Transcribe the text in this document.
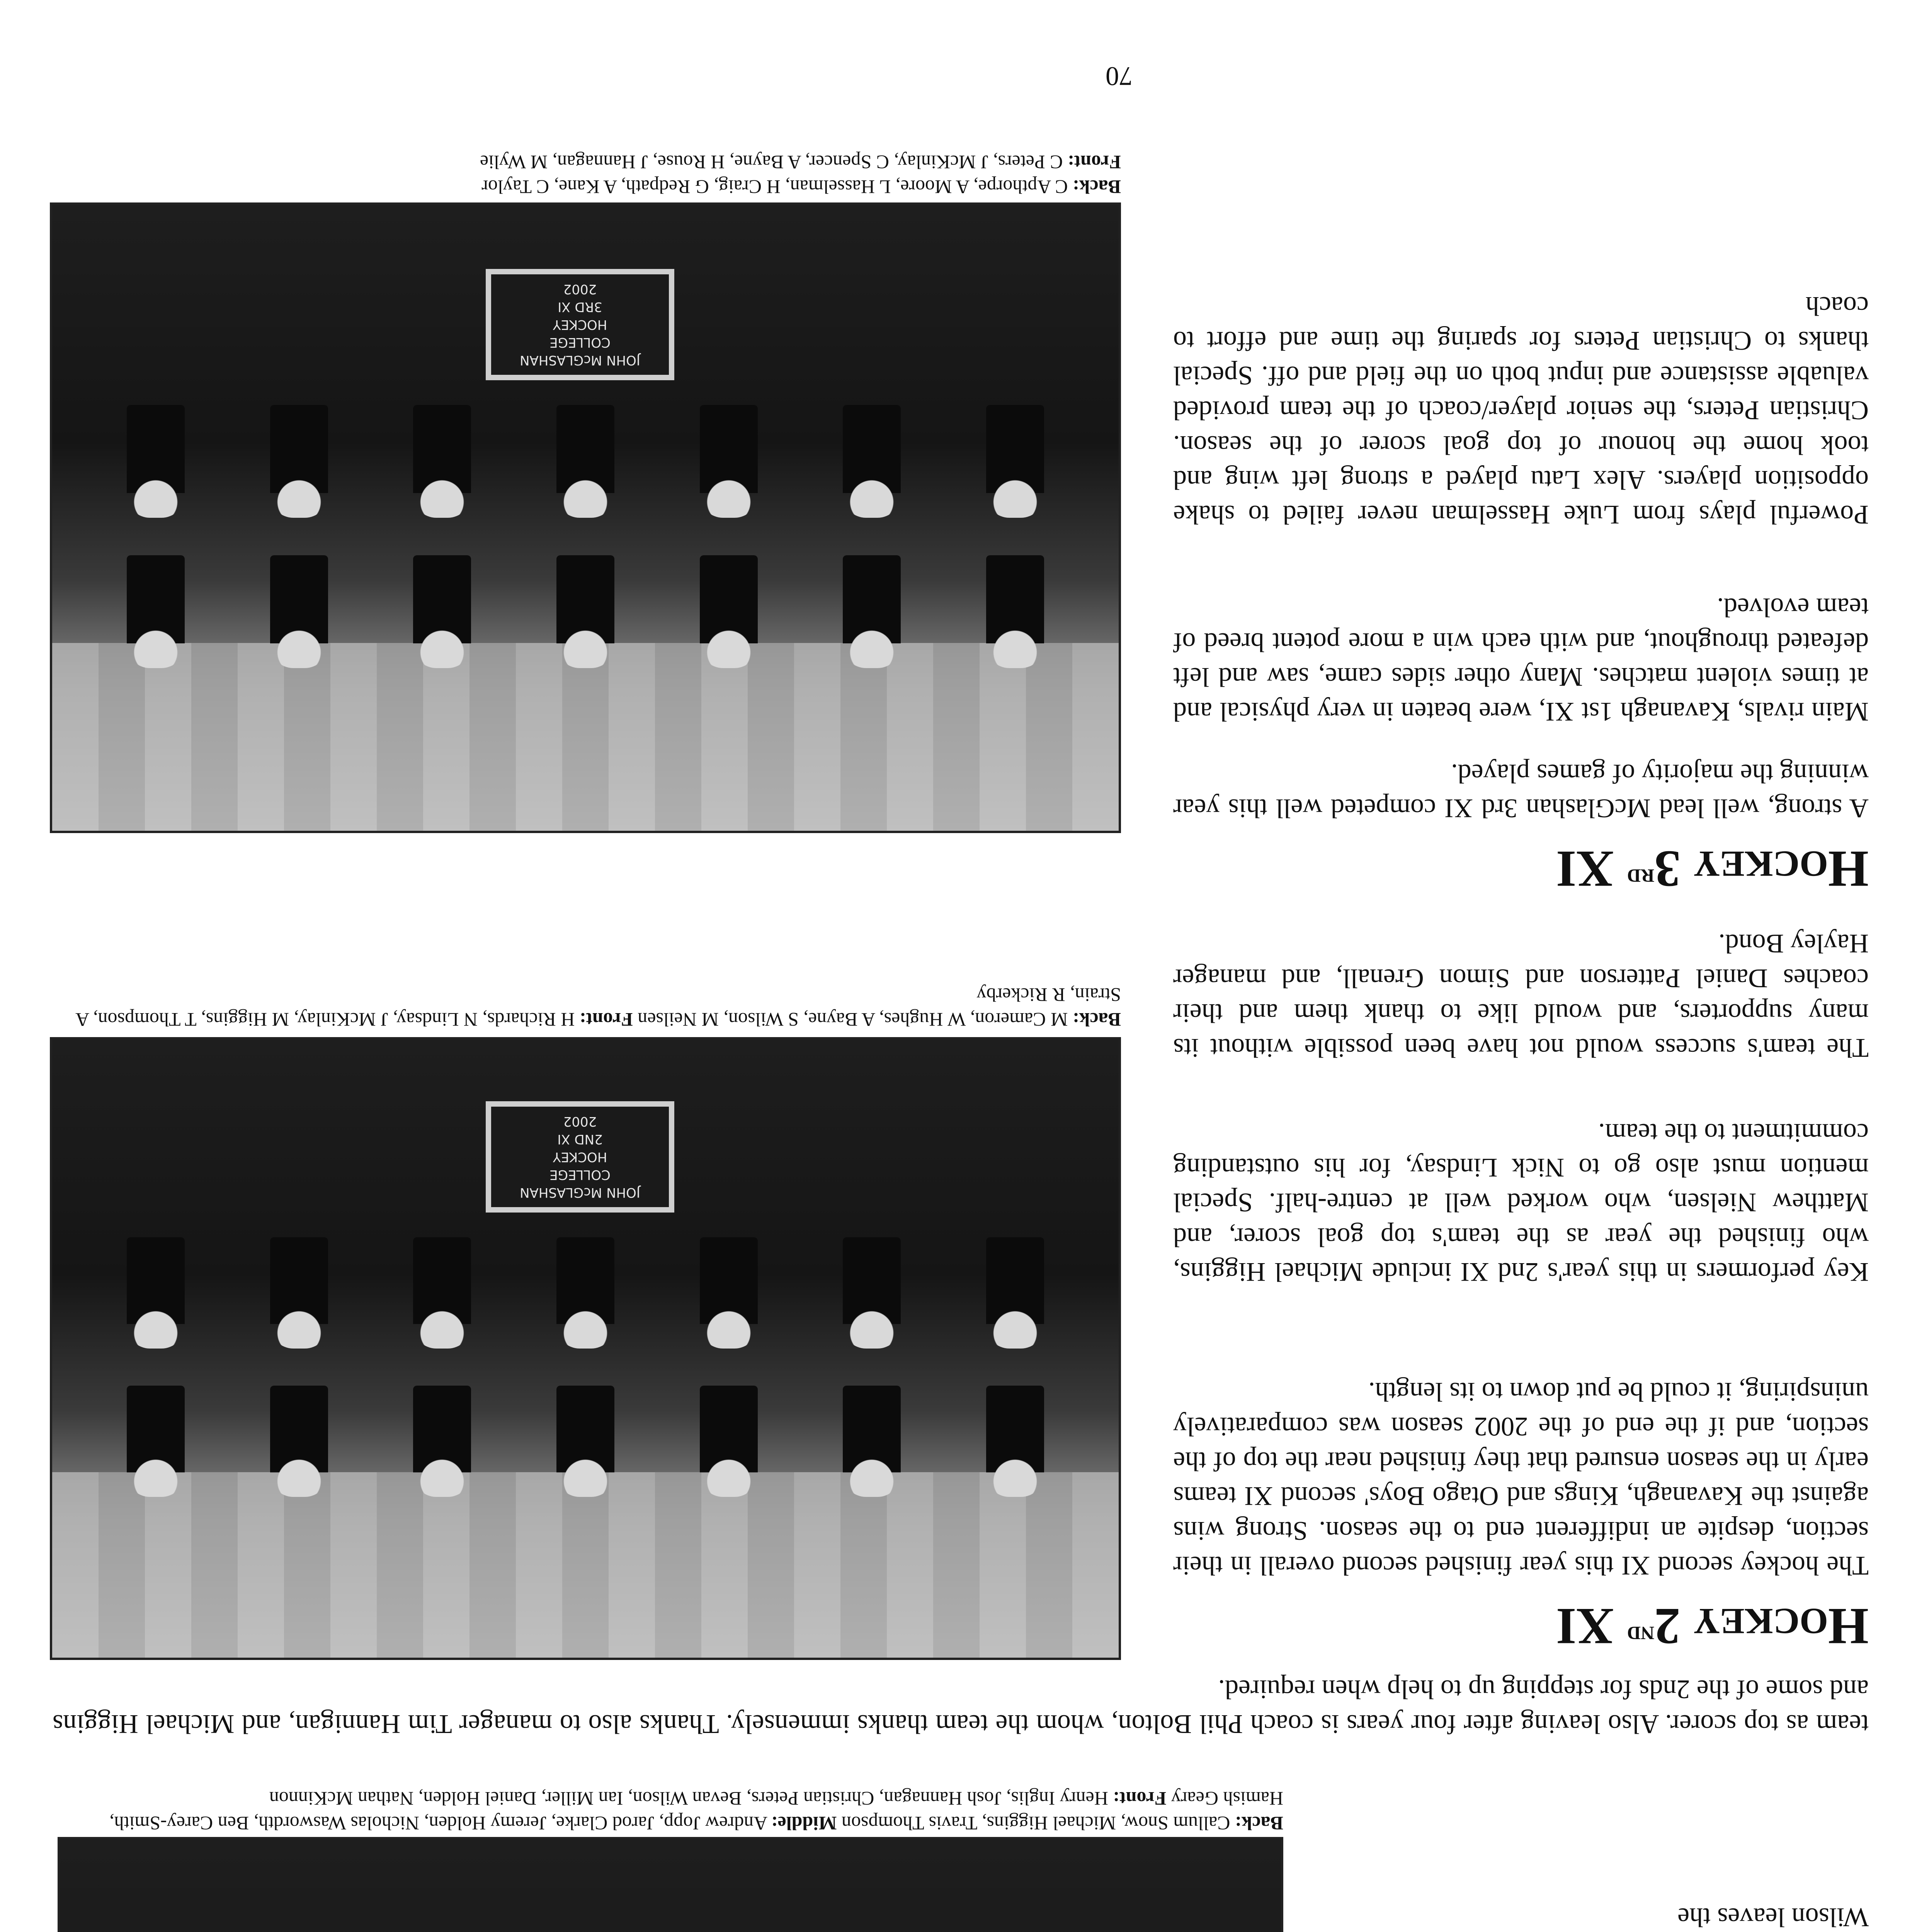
Wilson leaves the
Back: Callum Snow, Michael Higgins, Travis Thompson Middle: Andrew Jopp, Jarod Clarke, Jeremy Holden, Nicholas Waswordth, Ben Carey-Smith, Hamish Geary Front: Henry Inglis, Josh Hannagan, Christian Peters, Bevan Wilson, Ian Miller, Daniel Holden, Nathan McKinnon
team as top scorer. Also leaving after four years is coach Phil Bolton, whom the team thanks immensely. Thanks also to manager Tim Hannigan, and Michael Higgins and some of the 2nds for stepping up to help when required.
Hockey 2nd XI
The hockey second XI this year finished second overall in their section, despite an indifferent end to the season. Strong wins against the Kavanagh, Kings and Otago Boys' second XI teams early in the season ensured that they finished near the top of the section, and if the end of the 2002 season was comparatively uninspiring, it could be put down to its length.
Key performers in this year's 2nd XI include Michael Higgins, who finished the year as the team's top goal scorer, and Matthew Nielsen, who worked well at centre-half. Special mention must also go to Nick Lindsay, for his outstanding commitment to the team.
The team's success would not have been possible without its many supporters, and would like to thank them and their coaches Daniel Patterson and Simon Grenall, and manager Hayley Bond.
JOHN McGLASHAN
COLLEGE
HOCKEY
2ND XI
2002
Back: M Cameron, W Hughes, A Bayne, S Wilson, M Neilsen Front: H Richards, N Lindsay, J McKinlay, M Higgins, T Thompson, A Strain, R Rickerby
Hockey 3rd XI
A strong, well lead McGlashan 3rd XI competed well this year winning the majority of games played.
Main rivals, Kavanagh 1st XI, were beaten in very physical and at times violent matches. Many other sides came, saw and left defeated throughout, and with each win a more potent breed of team evolved.
Powerful plays from Luke Hasselman never failed to shake opposition players. Alex Latu played a strong left wing and took home the honour of top goal scorer of the season. Christian Peters, the senior player/coach of the team provided valuable assistance and input both on the field and off. Special thanks to Christian Peters for sparing the time and effort to coach
JOHN McGLASHAN
COLLEGE
HOCKEY
3RD XI
2002
Back: C Apthorpe, A Moore, L Hasselman, H Craig, G Redpath, A Kane, C Taylor
Front: C Peters, J McKinlay, C Spencer, A Bayne, H Rouse, J Hannagan, M Wylie
70
